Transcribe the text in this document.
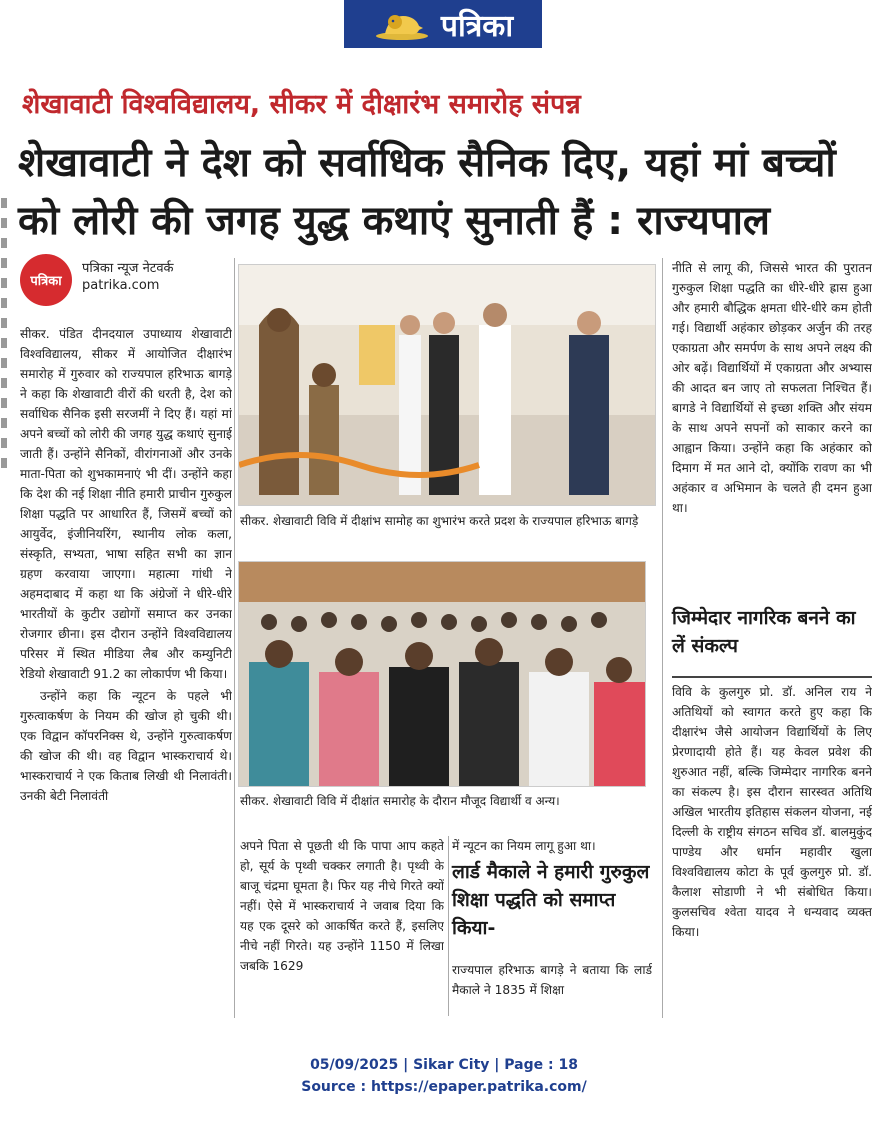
पत्रिका
शेखावाटी विश्वविद्यालय, सीकर में दीक्षारंभ समारोह संपन्न
शेखावाटी ने देश को सर्वाधिक सैनिक दिए, यहां मां बच्चों को लोरी की जगह युद्ध कथाएं सुनाती हैं : राज्यपाल
पत्रिका
पत्रिका न्यूज नेटवर्क
patrika.com

सीकर. पंडित दीनदयाल उपाध्याय शेखावाटी विश्वविद्यालय, सीकर में आयोजित दीक्षारंभ समारोह में गुरुवार को राज्यपाल हरिभाऊ बागड़े ने कहा कि शेखावाटी वीरों की धरती है, देश को सर्वाधिक सैनिक इसी सरजमीं ने दिए हैं। यहां मां अपने बच्चों को लोरी की जगह युद्ध कथाएं सुनाई जाती हैं। उन्होंने सैनिकों, वीरांगनाओं और उनके माता-पिता को शुभकामनाएं भी दीं। उन्होंने कहा कि देश की नई शिक्षा नीति हमारी प्राचीन गुरुकुल शिक्षा पद्धति पर आधारित हैं, जिसमें बच्चों को आयुर्वेद, इंजीनियरिंग, स्थानीय लोक कला, संस्कृति, सभ्यता, भाषा सहित सभी का ज्ञान ग्रहण करवाया जाएगा। महात्मा गांधी ने अहमदाबाद में कहा था कि अंग्रेजों ने धीरे-धीरे भारतीयों के कुटीर उद्योगों समाप्त कर उनका रोजगार छीना। इस दौरान उन्होंने विश्वविद्यालय परिसर में स्थित मीडिया लैब और कम्युनिटी रेडियो शेखावाटी 91.2 का लोकार्पण भी किया।

उन्होंने कहा कि न्यूटन के पहले भी गुरुत्वाकर्षण के नियम की खोज हो चुकी थी। एक विद्वान कॉपरनिक्स थे, उन्होंने गुरुत्वाकर्षण की खोज की थी। वह विद्वान भास्कराचार्य थे। भास्कराचार्य ने एक किताब लिखी थी निलावंती। उनकी बेटी निलावंती

सीकर. शेखावाटी विवि में दीक्षांभ सामोह का शुभारंभ करते प्रदश के राज्यपाल हरिभाऊ बागड़े
सीकर. शेखावाटी विवि में दीक्षांत समारोह के दौरान मौजूद विद्यार्थी व अन्य।
अपने पिता से पूछती थी कि पापा आप कहते हो, सूर्य के पृथ्वी चक्कर लगाती है। पृथ्वी के बाजू चंद्रमा घूमता है। फिर यह नीचे गिरते क्यों नहीं। ऐसे में भास्कराचार्य ने जवाब दिया कि यह एक दूसरे को आकर्षित करते हैं, इसलिए नीचे नहीं गिरते। यह उन्होंने 1150 में लिखा जबकि 1629
में न्यूटन का नियम लागू हुआ था।
लार्ड मैकाले ने हमारी गुरुकुल शिक्षा पद्धति को समाप्त किया-
राज्यपाल हरिभाऊ बागड़े ने बताया कि लार्ड मैकाले ने 1835 में शिक्षा
नीति से लागू की, जिससे भारत की पुरातन गुरुकुल शिक्षा पद्धति का धीरे-धीरे ह्रास हुआ और हमारी बौद्धिक क्षमता धीरे-धीरे कम होती गई। विद्यार्थी अहंकार छोड़कर अर्जुन की तरह एकाग्रता और समर्पण के साथ अपने लक्ष्य की ओर बढ़ें। विद्यार्थियों में एकाग्रता और अभ्यास की आदत बन जाए तो सफलता निश्चित हैं। बागडे ने विद्यार्थियों से इच्छा शक्ति और संयम के साथ अपने सपनों को साकार करने का आह्वान किया। उन्होंने कहा कि अहंकार को दिमाग में मत आने दो, क्योंकि रावण का भी अहंकार व अभिमान के चलते ही दमन हुआ था।
जिम्मेदार नागरिक बनने का लें संकल्प
विवि के कुलगुरु प्रो. डॉ. अनिल राय ने अतिथियों को स्वागत करते हुए कहा कि दीक्षारंभ जैसे आयोजन विद्यार्थियों के लिए प्रेरणादायी होते हैं। यह केवल प्रवेश की शुरुआत नहीं, बल्कि जिम्मेदार नागरिक बनने का संकल्प है। इस दौरान सारस्वत अतिथि अखिल भारतीय इतिहास संकलन योजना, नई दिल्ली के राष्ट्रीय संगठन सचिव डॉ. बालमुकुंद पाण्डेय और धर्मान महावीर खुला विश्वविद्यालय कोटा के पूर्व कुलगुरु प्रो. डॉ. कैलाश सोडाणी ने भी संबोधित किया। कुलसचिव श्वेता यादव ने धन्यवाद व्यक्त किया।
05/09/2025 | Sikar City | Page : 18
Source : https://epaper.patrika.com/
